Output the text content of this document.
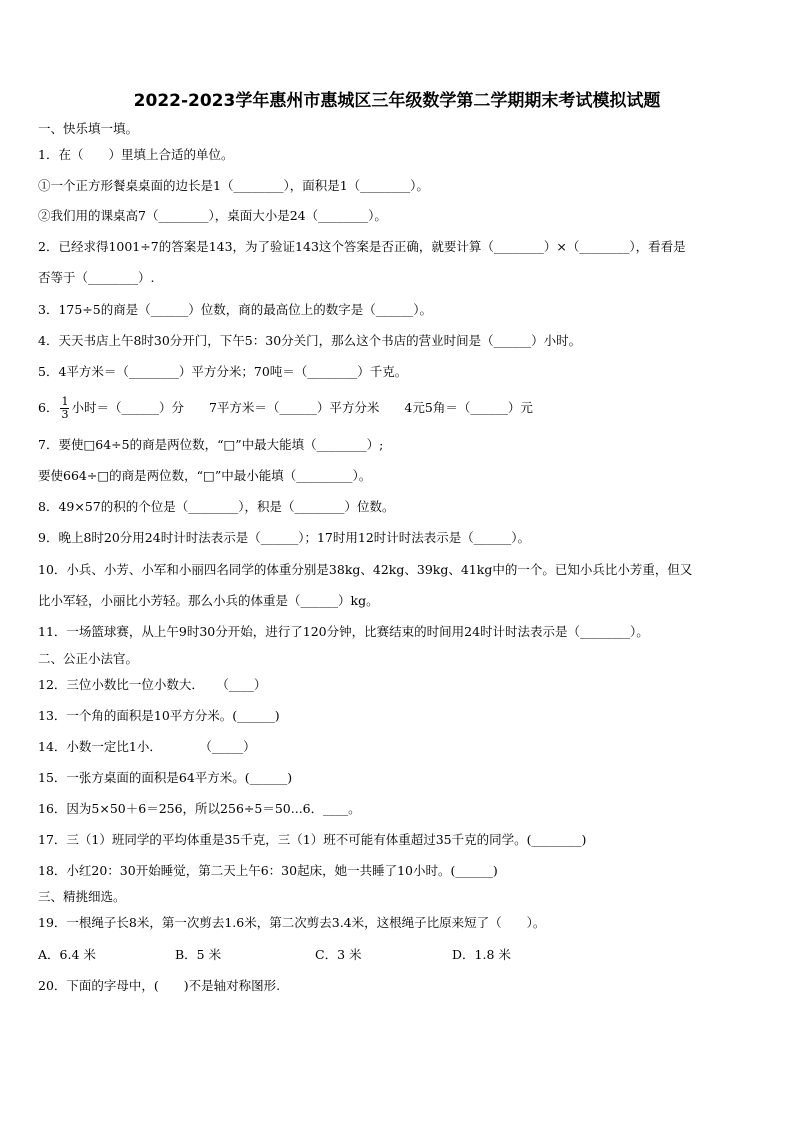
2022-2023学年惠州市惠城区三年级数学第二学期期末考试模拟试题
一、快乐填一填。
1．在（　　）里填上合适的单位。
①一个正方形餐桌桌面的边长是1（________），面积是1（________）。
②我们用的课桌高7（________），桌面大小是24（________）。
2．已经求得1001÷7的答案是143，为了验证143这个答案是否正确，就要计算（________）×（________），看看是
否等于（________）.
3．175÷5的商是（______）位数，商的最高位上的数字是（______）。
4．天天书店上午8时30分开门，下午5：30分关门，那么这个书店的营业时间是（______）小时。
5．4平方米＝（________）平方分米；70吨＝（________）千克。
6． $\frac{1}{3}$ 小时＝（______）分　　7平方米＝（______）平方分米　　4元5角＝（______）元
7．要使□64÷5的商是两位数，“□”中最大能填（________）;
要使664÷□的商是两位数，“□”中最小能填（_________）。
8．49×57的积的个位是（________），积是（________）位数。
9．晚上8时20分用24时计时法表示是（______）；17时用12时计时法表示是（______）。
10．小兵、小芳、小军和小丽四名同学的体重分别是38kg、42kg、39kg、41kg中的一个。已知小兵比小芳重，但又
比小军轻，小丽比小芳轻。那么小兵的体重是（______）kg。
11．一场篮球赛，从上午9时30分开始，进行了120分钟，比赛结束的时间用24时计时法表示是（________）。
二、公正小法官。
12．三位小数比一位小数大．　　（____）
13．一个角的面积是10平方分米。(______)
14．小数一定比1小．　　　　（_____）
15．一张方桌面的面积是64平方米。(______)
16．因为5×50＋6＝256，所以256÷5＝50...6．____。
17．三（1）班同学的平均体重是35千克，三（1）班不可能有体重超过35千克的同学。(________)
18．小红20：30开始睡觉，第二天上午6：30起床，她一共睡了10小时。(______)
三、精挑细选。
19．一根绳子长8米，第一次剪去1.6米，第二次剪去3.4米，这根绳子比原来短了（　　）。
A．6.4 米	B．5 米	C．3 米	D．1.8 米
20．下面的字母中，(　　)不是轴对称图形.
